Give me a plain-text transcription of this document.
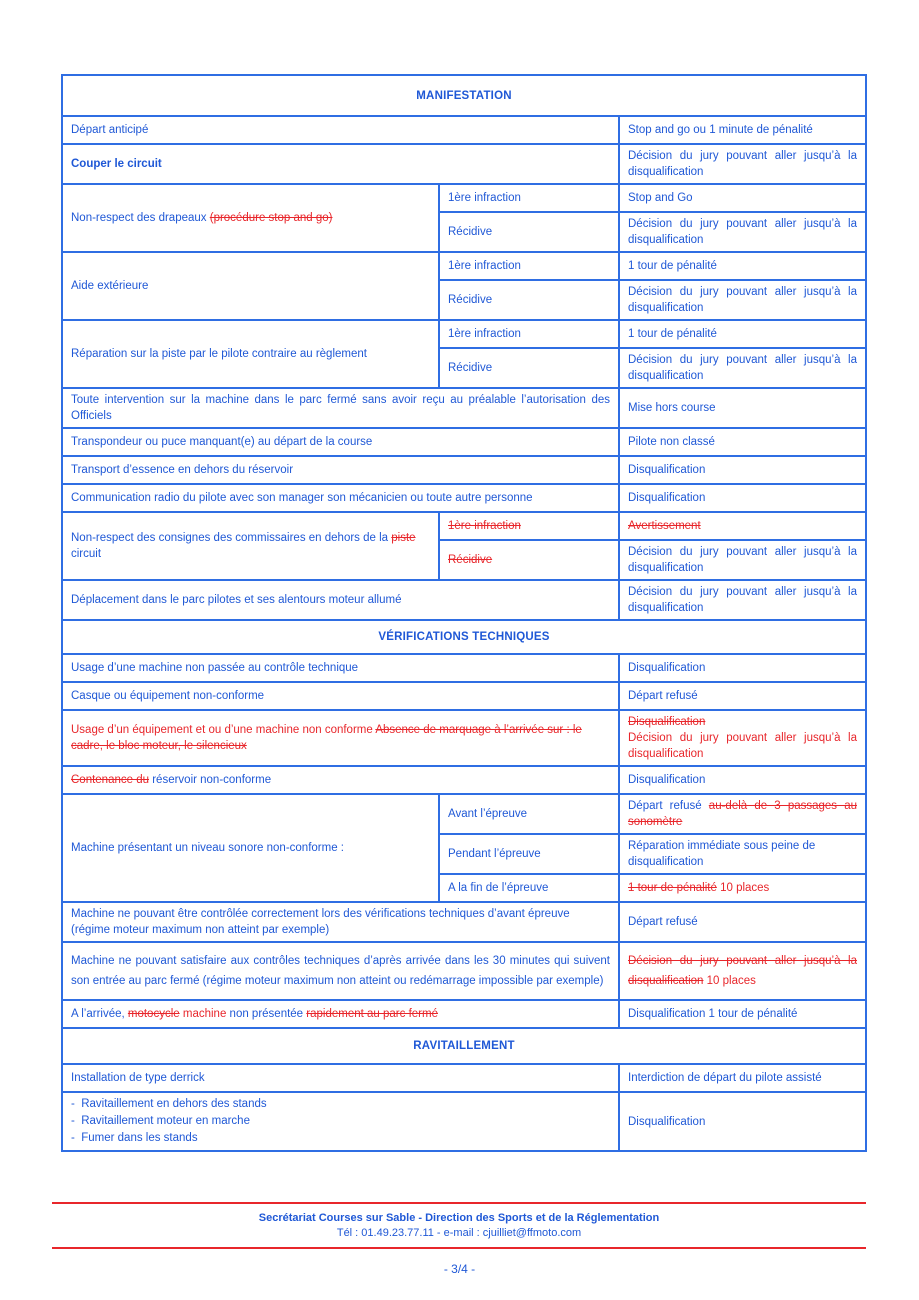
MANIFESTATION		
Départ anticipé		Stop and go ou 1 minute de pénalité
Couper le circuit		Décision du jury pouvant aller jusqu’à la disqualification
Non-respect des drapeaux (procédure stop and go)	1ère infraction	Stop and Go
	Récidive	Décision du jury pouvant aller jusqu’à la disqualification
Aide extérieure	1ère infraction	1 tour de pénalité
	Récidive	Décision du jury pouvant aller jusqu’à la disqualification
Réparation sur la piste par le pilote contraire au règlement	1ère infraction	1 tour de pénalité
	Récidive	Décision du jury pouvant aller jusqu’à la disqualification
Toute intervention sur la machine dans le parc fermé sans avoir reçu au préalable l’autorisation des Officiels		Mise hors course
Transpondeur ou puce manquant(e) au départ de la course		Pilote non classé
Transport d’essence en dehors du réservoir		Disqualification
Communication radio du pilote avec son manager son mécanicien ou toute autre personne		Disqualification
Non-respect des consignes des commissaires en dehors de la piste circuit	1ère infraction	Avertissement
	Récidive	Décision du jury pouvant aller jusqu’à la disqualification
Déplacement dans le parc pilotes et ses alentours moteur allumé		Décision du jury pouvant aller jusqu’à la disqualification
VÉRIFICATIONS TECHNIQUES		
Usage d’une machine non passée au contrôle technique		Disqualification
Casque ou équipement non-conforme		Départ refusé
Usage d’un équipement et ou d’une machine non conforme Absence de marquage à l’arrivée sur : le cadre, le bloc moteur, le silencieux		Disqualification
Décision du jury pouvant aller jusqu’à la disqualification

Contenance du réservoir non-conforme		Disqualification
Machine présentant un niveau sonore non-conforme :	Avant l’épreuve	Départ refusé au-delà de 3 passages au sonomètre
	Pendant l’épreuve	Réparation immédiate sous peine de disqualification
	A la fin de l’épreuve	1 tour de pénalité 10 places
Machine ne pouvant être contrôlée correctement lors des vérifications techniques d’avant épreuve (régime moteur maximum non atteint par exemple)		Départ refusé
Machine ne pouvant satisfaire aux contrôles techniques d’après arrivée dans les 30 minutes qui suivent son entrée au parc fermé (régime moteur maximum non atteint ou redémarrage impossible par exemple)		Décision du jury pouvant aller jusqu’à la disqualification 10 places
A l’arrivée, motocycle machine non présentée rapidement au parc fermé		Disqualification 1 tour de pénalité
RAVITAILLEMENT		
Installation de type derrick		Interdiction de départ du pilote assisté

-  Ravitaillement en dehors des stands
-  Ravitaillement moteur en marche
-  Fumer dans les stands		Disqualification
Secrétariat Courses sur Sable - Direction des Sports et de la Réglementation
Tél : 01.49.23.77.11 - e-mail : cjuilliet@ffmoto.com
- 3/4 -
